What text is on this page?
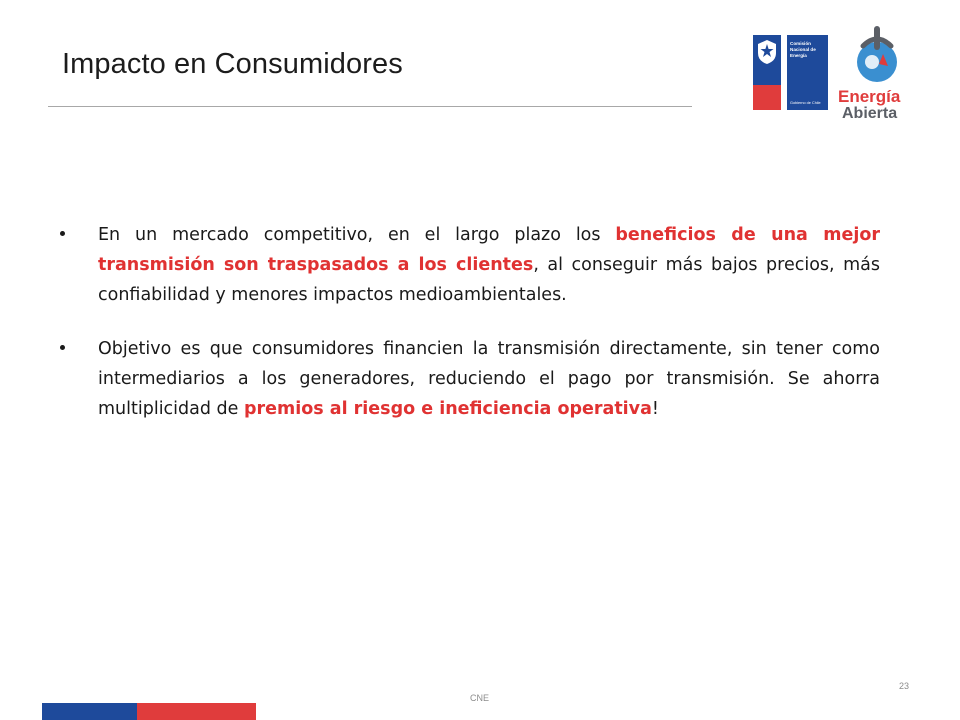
Impacto en Consumidores
Comisión
Nacional de
Energía
Gobierno de Chile Energía
Abierta
En un mercado competitivo, en el largo plazo los beneficios de una mejor transmisión son traspasados a los clientes, al conseguir más bajos precios, más confiabilidad y menores impactos medioambientales.
Objetivo es que consumidores financien la transmisión directamente, sin tener como intermediarios a los generadores, reduciendo el pago por transmisión. Se ahorra multiplicidad de premios al riesgo e ineficiencia operativa!
CNE
23
